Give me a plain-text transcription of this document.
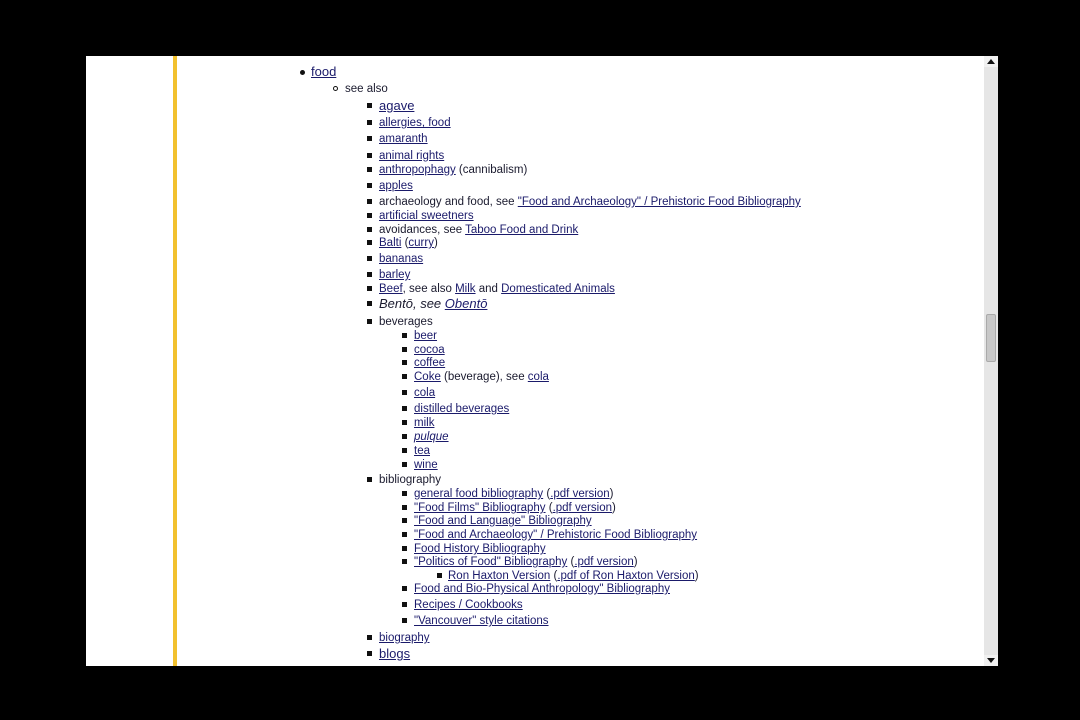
food
see also
agave
allergies, food
amaranth
animal rights
anthropophagy (cannibalism)
apples
archaeology and food, see "Food and Archaeology" / Prehistoric Food Bibliography
artificial sweetners
avoidances, see Taboo Food and Drink
Balti (curry)
bananas
barley
Beef, see also Milk and Domesticated Animals
Bentō, see Obentō
beverages
beer
cocoa
coffee
Coke (beverage), see cola
cola
distilled beverages
milk
pulque
tea
wine
bibliography
general food bibliography (.pdf version)
"Food Films" Bibliography (.pdf version)
"Food and Language" Bibliography
"Food and Archaeology" / Prehistoric Food Bibliography
Food History Bibliography
"Politics of Food" Bibliography (.pdf version)
Ron Haxton Version (.pdf of Ron Haxton Version)
Food and Bio-Physical Anthropology" Bibliography
Recipes / Cookbooks
"Vancouver" style citations
biography
blogs
